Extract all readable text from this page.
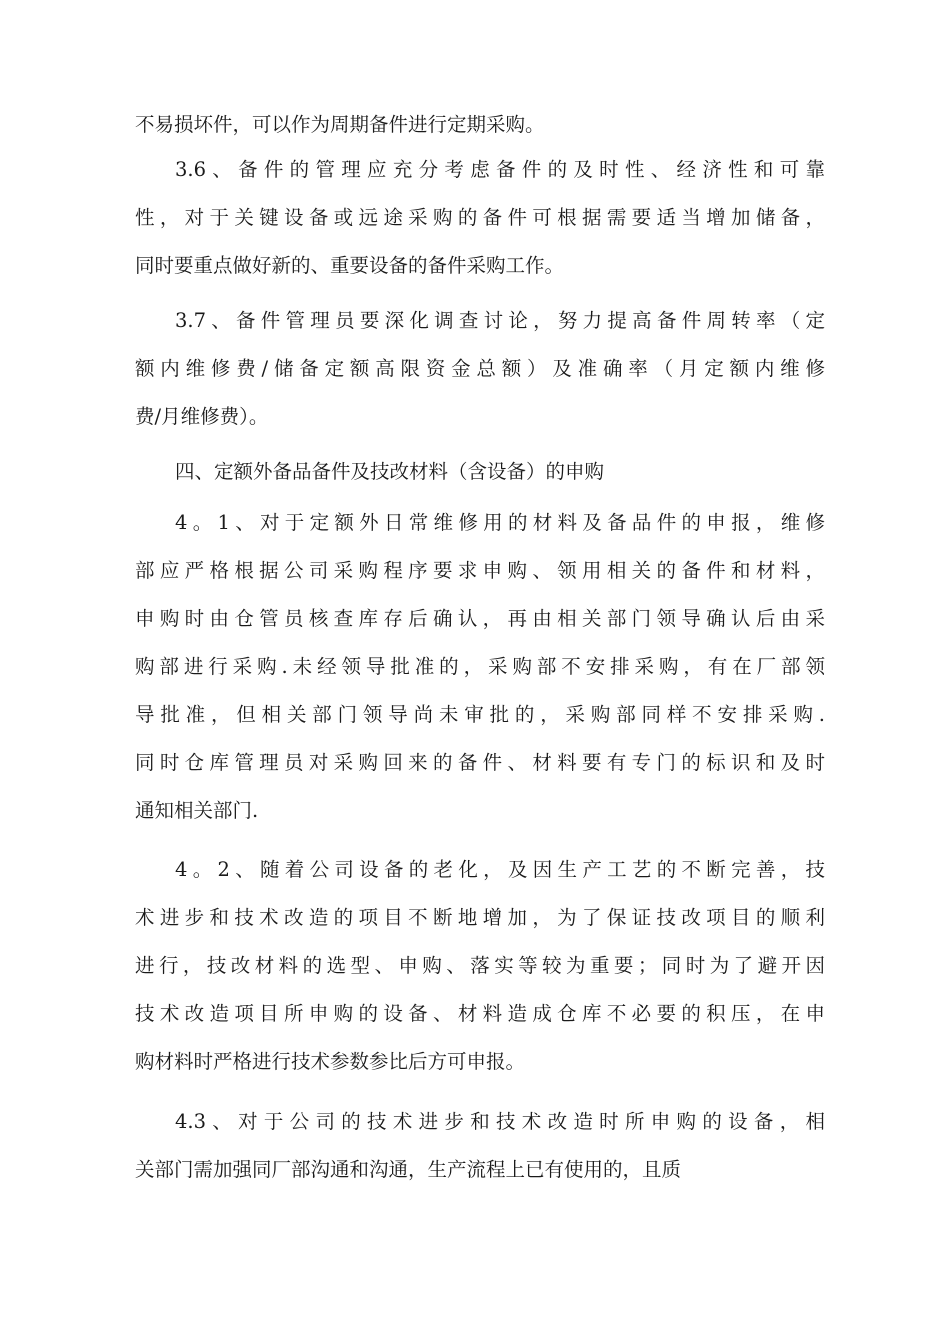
不易损坏件，可以作为周期备件进行定期采购。
3.6、备件的管理应充分考虑备件的及时性、经济性和可靠
性，对于关键设备或远途采购的备件可根据需要适当增加储备，
同时要重点做好新的、重要设备的备件采购工作。
3.7、备件管理员要深化调查讨论，努力提高备件周转率（定
额内维修费/储备定额高限资金总额）及准确率（月定额内维修
费/月维修费）。
四、定额外备品备件及技改材料（含设备）的申购
4。1、对于定额外日常维修用的材料及备品件的申报，维修
部应严格根据公司采购程序要求申购、领用相关的备件和材料，
申购时由仓管员核查库存后确认，再由相关部门领导确认后由采
购部进行采购.未经领导批准的，采购部不安排采购，有在厂部领
导批准，但相关部门领导尚未审批的，采购部同样不安排采购.
同时仓库管理员对采购回来的备件、材料要有专门的标识和及时
通知相关部门.
4。2、随着公司设备的老化，及因生产工艺的不断完善，技
术进步和技术改造的项目不断地增加，为了保证技改项目的顺利
进行，技改材料的选型、申购、落实等较为重要；同时为了避开因
技术改造项目所申购的设备、材料造成仓库不必要的积压，在申
购材料时严格进行技术参数参比后方可申报。
4.3、对于公司的技术进步和技术改造时所申购的设备，相
关部门需加强同厂部沟通和沟通，生产流程上已有使用的，且质
